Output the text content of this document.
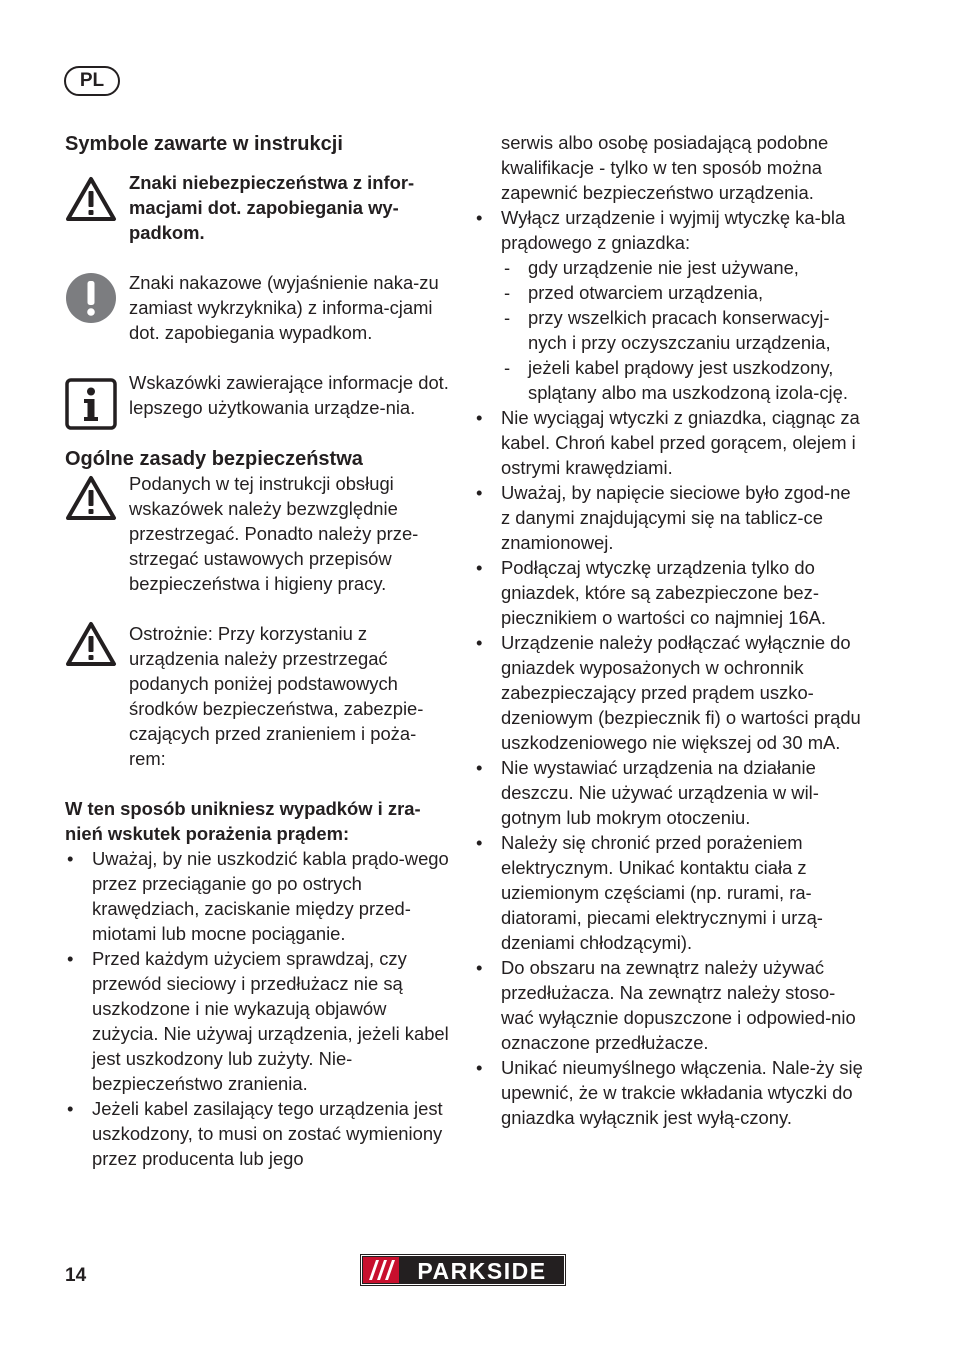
PL
Symbole zawarte w instrukcji

Znaki niebezpieczeństwa z infor-macjami dot. zapobiegania wy-padkom.

Znaki nakazowe (wyjaśnienie naka-zu zamiast wykrzyknika) z informa-cjami dot. zapobiegania wypadkom.

Wskazówki zawierające informacje dot. lepszego użytkowania urządze-nia.

Ogólne zasady bezpieczeństwa

Podanych w tej instrukcji obsługi wskazówek należy bezwzględnie przestrzegać. Ponadto należy prze-strzegać ustawowych przepisów bezpieczeństwa i higieny pracy.

Ostrożnie: Przy korzystaniu z urządzenia należy przestrzegać podanych poniżej podstawowych środków bezpieczeństwa, zabezpie-czających przed zranieniem i poża-rem:

W ten sposób unikniesz wypadków i zra-nień wskutek porażenia prądem:

• Uważaj, by nie uszkodzić kabla prądo-wego przez przeciąganie go po ostrych krawędziach, zaciskanie między przed-miotami lub mocne pociąganie.
• Przed każdym użyciem sprawdzaj, czy przewód sieciowy i przedłużacz nie są uszkodzone i nie wykazują objawów zużycia. Nie używaj urządzenia, jeżeli kabel jest uszkodzony lub zużyty. Nie-bezpieczeństwo zranienia.
• Jeżeli kabel zasilający tego urządzenia jest uszkodzony, to musi on zostać wymieniony przez producenta lub jego

serwis albo osobę posiadającą podobne kwalifikacje - tylko w ten sposób można zapewnić bezpieczeństwo urządzenia.

• Wyłącz urządzenie i wyjmij wtyczkę ka-bla prądowego z gniazdka:
- gdy urządzenie nie jest używane,
- przed otwarciem urządzenia,
- przy wszelkich pracach konserwacyj-nych i przy oczyszczaniu urządzenia,
- jeżeli kabel prądowy jest uszkodzony, splątany albo ma uszkodzoną izola-cję.
• Nie wyciągaj wtyczki z gniazdka, ciągnąc za kabel. Chroń kabel przed gorącem, olejem i ostrymi krawędziami.
• Uważaj, by napięcie sieciowe było zgod-ne z danymi znajdującymi się na tablicz-ce znamionowej.
• Podłączaj wtyczkę urządzenia tylko do gniazdek, które są zabezpieczone bez-piecznikiem o wartości co najmniej 16A.
• Urządzenie należy podłączać wyłącznie do gniazdek wyposażonych w ochronnik zabezpieczający przed prądem uszko-dzeniowym (bezpiecznik fi) o wartości prądu uszkodzeniowego nie większej od 30 mA.
• Nie wystawiać urządzenia na działanie deszczu. Nie używać urządzenia w wil-gotnym lub mokrym otoczeniu.
• Należy się chronić przed porażeniem elektrycznym. Unikać kontaktu ciała z uziemionym częściami (np. rurami, ra-diatorami, piecami elektrycznymi i urzą-dzeniami chłodzącymi).
• Do obszaru na zewnątrz należy używać przedłużacza. Na zewnątrz należy stoso-wać wyłącznie dopuszczone i odpowied-nio oznaczone przedłużacze.
• Unikać nieumyślnego włączenia. Nale-ży się upewnić, że w trakcie wkładania wtyczki do gniazdka wyłącznik jest wyłą-czony.
14	PARKSIDE
